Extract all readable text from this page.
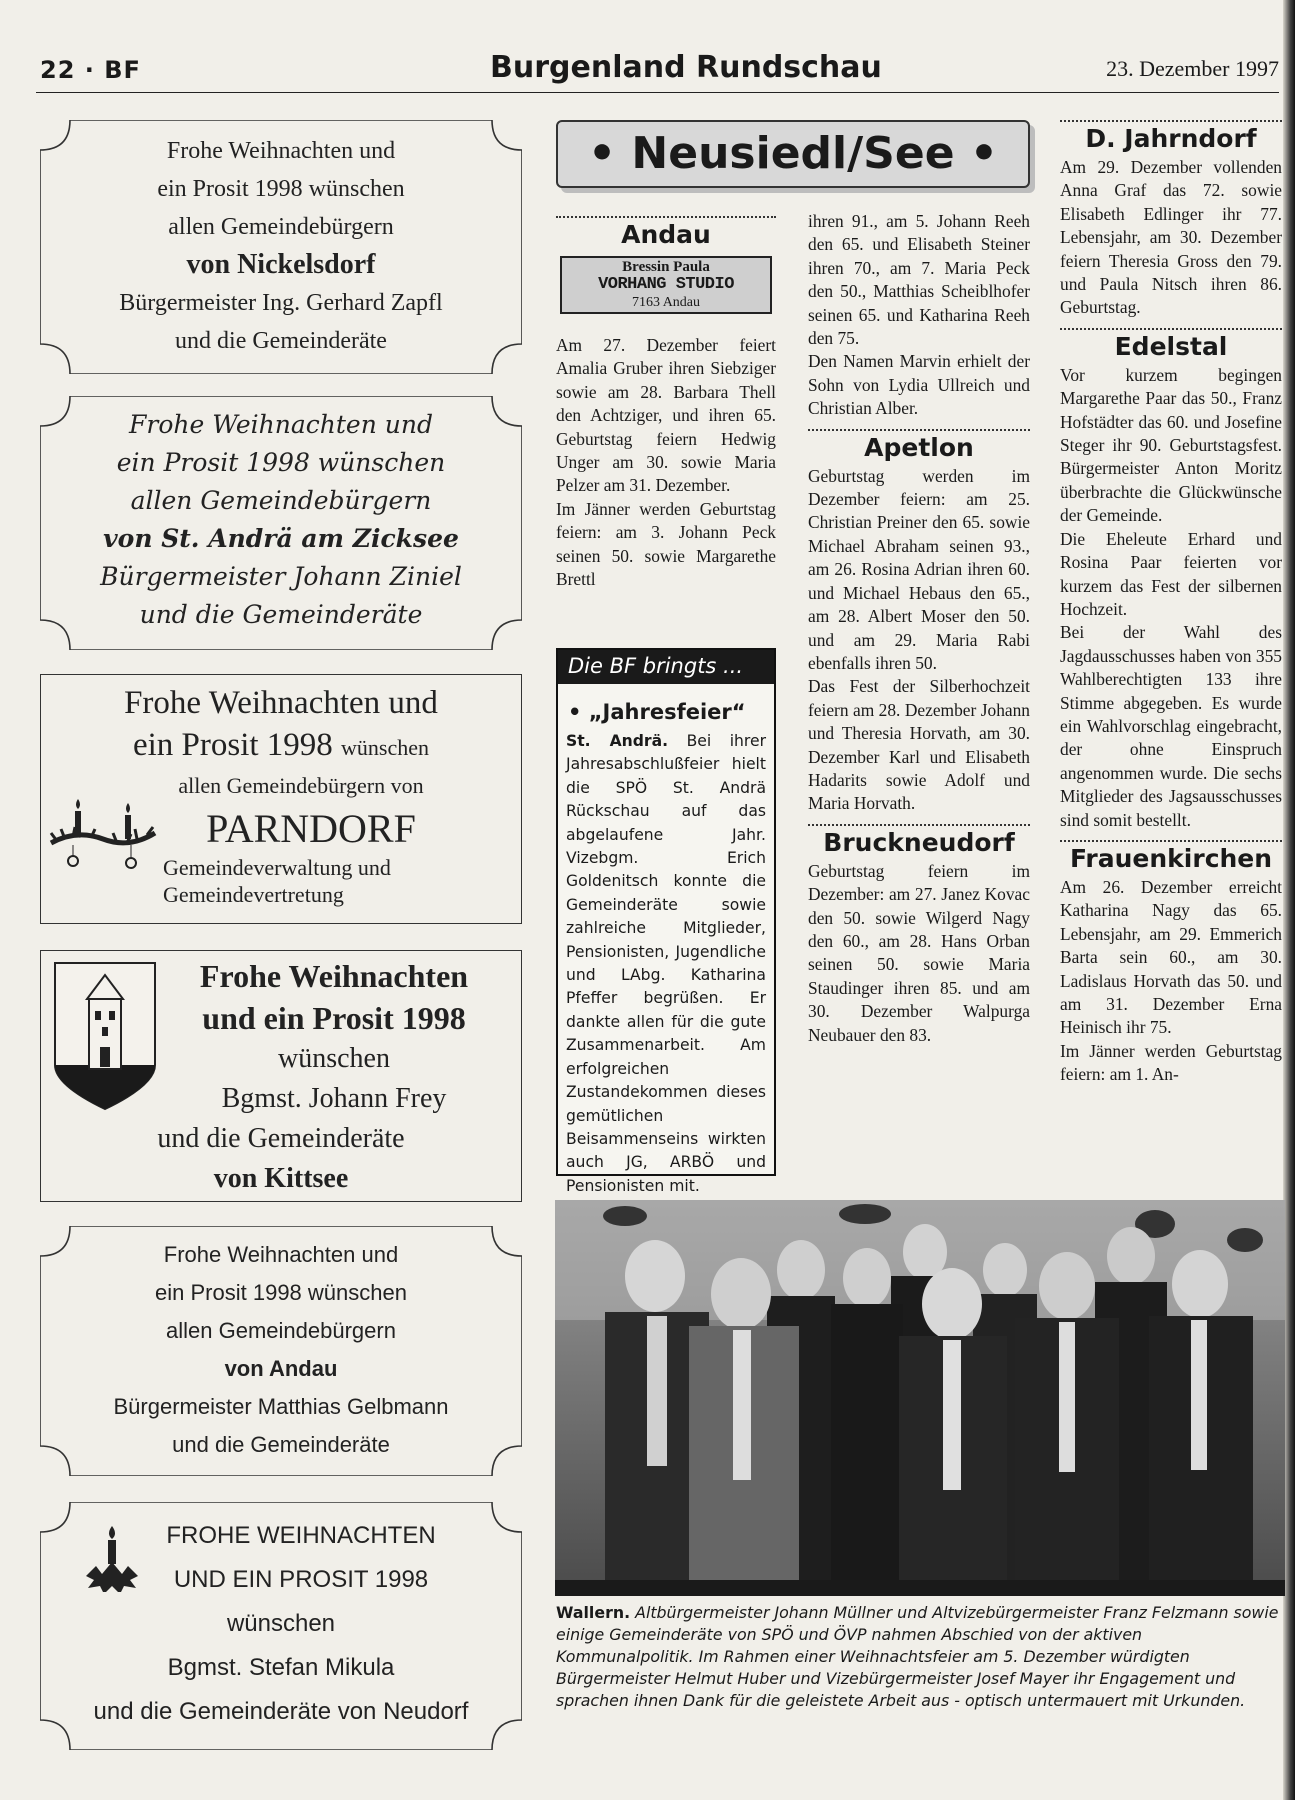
22 · BF	Burgenland Rundschau	23. Dezember 1997
Frohe Weihnachten und
ein Prosit 1998 wünschen
allen Gemeindebürgern
von Nickelsdorf
Bürgermeister Ing. Gerhard Zapfl
und die Gemeinderäte
Frohe Weihnachten und
ein Prosit 1998 wünschen
allen Gemeindebürgern
von St. Andrä am Zicksee
Bürgermeister Johann Ziniel
und die Gemeinderäte
Frohe Weihnachten und
ein Prosit 1998 wünschen
allen Gemeindebürgern von
PARNDORF
Gemeindeverwaltung und
Gemeindevertretung
Frohe Weihnachten
und ein Prosit 1998
wünschen
Bgmst. Johann Frey
und die Gemeinderäte
von Kittsee
Frohe Weihnachten und
ein Prosit 1998 wünschen
allen Gemeindebürgern
von Andau
Bürgermeister Matthias Gelbmann
und die Gemeinderäte
FROHE WEIHNACHTEN
UND EIN PROSIT 1998
wünschen
Bgmst. Stefan Mikula
und die Gemeinderäte von Neudorf
• Neusiedl/See •
Andau
Bressin Paula
VORHANG STUDIO
7163 Andau

Am 27. Dezember feiert Amalia Gruber ihren Siebziger sowie am 28. Barbara Thell den Achtziger, und ihren 65. Geburtstag feiern Hedwig Unger am 30. sowie Maria Pelzer am 31. Dezember.

Im Jänner werden Geburtstag feiern: am 3. Johann Peck seinen 50. sowie Margarethe Brettl

Die BF bringts ...
• „Jahresfeier“

St. Andrä. Bei ihrer Jahresabschlußfeier hielt die SPÖ St. Andrä Rückschau auf das abgelaufene Jahr. Vizebgm. Erich Goldenitsch konnte die Gemeinderäte sowie zahlreiche Mitglieder, Pensionisten, Jugendliche und LAbg. Katharina Pfeffer begrüßen. Er dankte allen für die gute Zusammenarbeit. Am erfolgreichen Zustandekommen dieses gemütlichen Beisammenseins wirkten auch JG, ARBÖ und Pensionisten mit.

ihren 91., am 5. Johann Reeh den 65. und Elisabeth Steiner ihren 70., am 7. Maria Peck den 50., Matthias Scheiblhofer seinen 65. und Katharina Reeh den 75.

Den Namen Marvin erhielt der Sohn von Lydia Ullreich und Christian Alber.

Apetlon

Geburtstag werden im Dezember feiern: am 25. Christian Preiner den 65. sowie Michael Abraham seinen 93., am 26. Rosina Adrian ihren 60. und Michael Hebaus den 65., am 28. Albert Moser den 50. und am 29. Maria Rabi ebenfalls ihren 50.

Das Fest der Silberhochzeit feiern am 28. Dezember Johann und Theresia Horvath, am 30. Dezember Karl und Elisabeth Hadarits sowie Adolf und Maria Horvath.

Bruckneudorf

Geburtstag feiern im Dezember: am 27. Janez Kovac den 50. sowie Wilgerd Nagy den 60., am 28. Hans Orban seinen 50. sowie Maria Staudinger ihren 85. und am 30. Dezember Walpurga Neubauer den 83.

D. Jahrndorf

Am 29. Dezember vollenden Anna Graf das 72. sowie Elisabeth Edlinger ihr 77. Lebensjahr, am 30. Dezember feiern Theresia Gross den 79. und Paula Nitsch ihren 86. Geburtstag.

Edelstal

Vor kurzem begingen Margarethe Paar das 50., Franz Hofstädter das 60. und Josefine Steger ihr 90. Geburtstagsfest. Bürgermeister Anton Moritz überbrachte die Glückwünsche der Gemeinde.

Die Eheleute Erhard und Rosina Paar feierten vor kurzem das Fest der silbernen Hochzeit.

Bei der Wahl des Jagdausschusses haben von 355 Wahlberechtigten 133 ihre Stimme abgegeben. Es wurde ein Wahlvorschlag eingebracht, der ohne Einspruch angenommen wurde. Die sechs Mitglieder des Jagsausschusses sind somit bestellt.

Frauenkirchen

Am 26. Dezember erreicht Katharina Nagy das 65. Lebensjahr, am 29. Emmerich Barta sein 60., am 30. Ladislaus Horvath das 50. und am 31. Dezember Erna Heinisch ihr 75.

Im Jänner werden Geburtstag feiern: am 1. An-

Wallern. Altbürgermeister Johann Müllner und Altvizebürgermeister Franz Felzmann sowie einige Gemeinderäte von SPÖ und ÖVP nahmen Abschied von der aktiven Kommunalpolitik. Im Rahmen einer Weihnachtsfeier am 5. Dezember würdigten Bürgermeister Helmut Huber und Vizebürgermeister Josef Mayer ihr Engagement und sprachen ihnen Dank für die geleistete Arbeit aus - optisch untermauert mit Urkunden.
